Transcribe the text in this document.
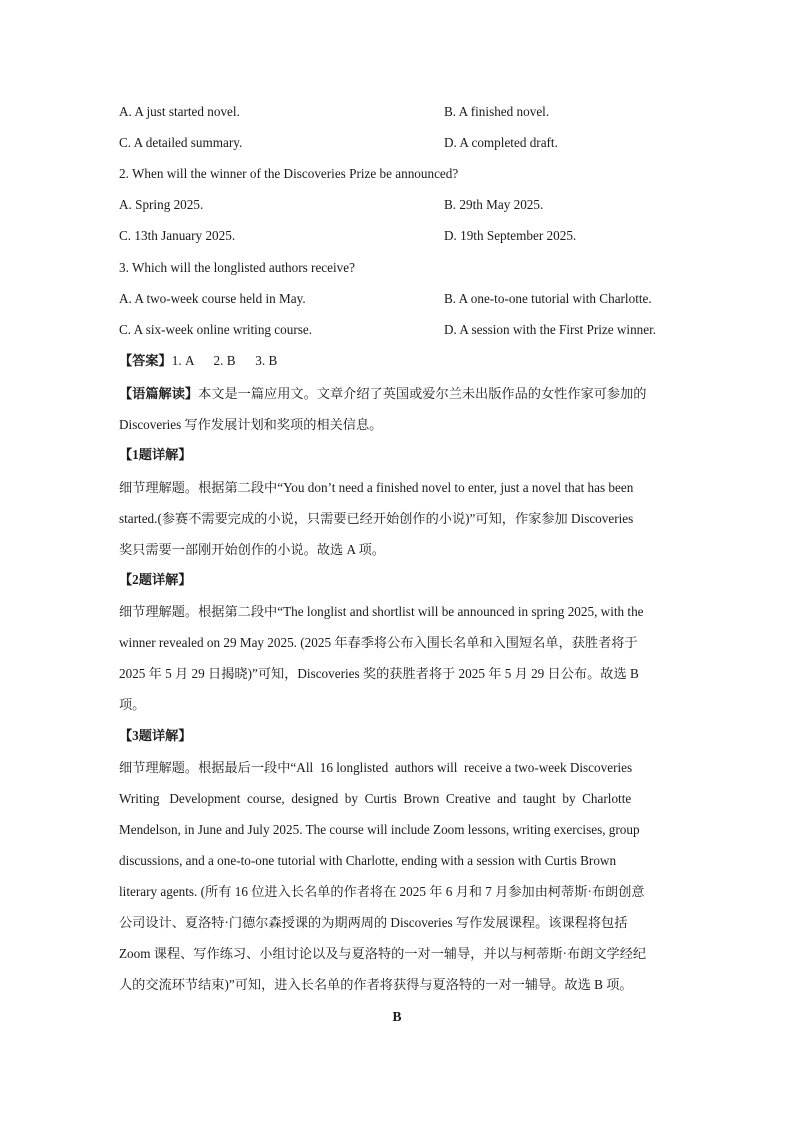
A. A just started novel.	B. A finished novel.
C. A detailed summary.	D. A completed draft.
2. When will the winner of the Discoveries Prize be announced?
A. Spring 2025.	B. 29th May 2025.
C. 13th January 2025.	D. 19th September 2025.
3. Which will the longlisted authors receive?
A. A two-week course held in May.	B. A one-to-one tutorial with Charlotte.
C. A six-week online writing course.	D. A session with the First Prize winner.
【答案】1. A      2. B      3. B
【语篇解读】本文是一篇应用文。文章介绍了英国或爱尔兰未出版作品的女性作家可参加的
Discoveries 写作发展计划和奖项的相关信息。
【1题详解】
细节理解题。根据第二段中“You don’t need a finished novel to enter, just a novel that has been
started.(参赛不需要完成的小说，只需要已经开始创作的小说)”可知，作家参加 Discoveries
奖只需要一部刚开始创作的小说。故选 A 项。
【2题详解】
细节理解题。根据第二段中“The longlist and shortlist will be announced in spring 2025, with the
winner revealed on 29 May 2025. (2025 年春季将公布入围长名单和入围短名单，获胜者将于
2025 年 5 月 29 日揭晓)”可知，Discoveries 奖的获胜者将于 2025 年 5 月 29 日公布。故选 B
项。
【3题详解】
细节理解题。根据最后一段中“All  16 longlisted  authors will  receive a two-week Discoveries
Writing   Development  course,  designed  by  Curtis  Brown  Creative  and  taught  by  Charlotte
Mendelson, in June and July 2025. The course will include Zoom lessons, writing exercises, group
discussions, and a one-to-one tutorial with Charlotte, ending with a session with Curtis Brown
literary agents. (所有 16 位进入长名单的作者将在 2025 年 6 月和 7 月参加由柯蒂斯·布朗创意
公司设计、夏洛特·门德尔森授课的为期两周的 Discoveries 写作发展课程。该课程将包括
Zoom 课程、写作练习、小组讨论以及与夏洛特的一对一辅导，并以与柯蒂斯·布朗文学经纪
人的交流环节结束)”可知，进入长名单的作者将获得与夏洛特的一对一辅导。故选 B 项。
B
